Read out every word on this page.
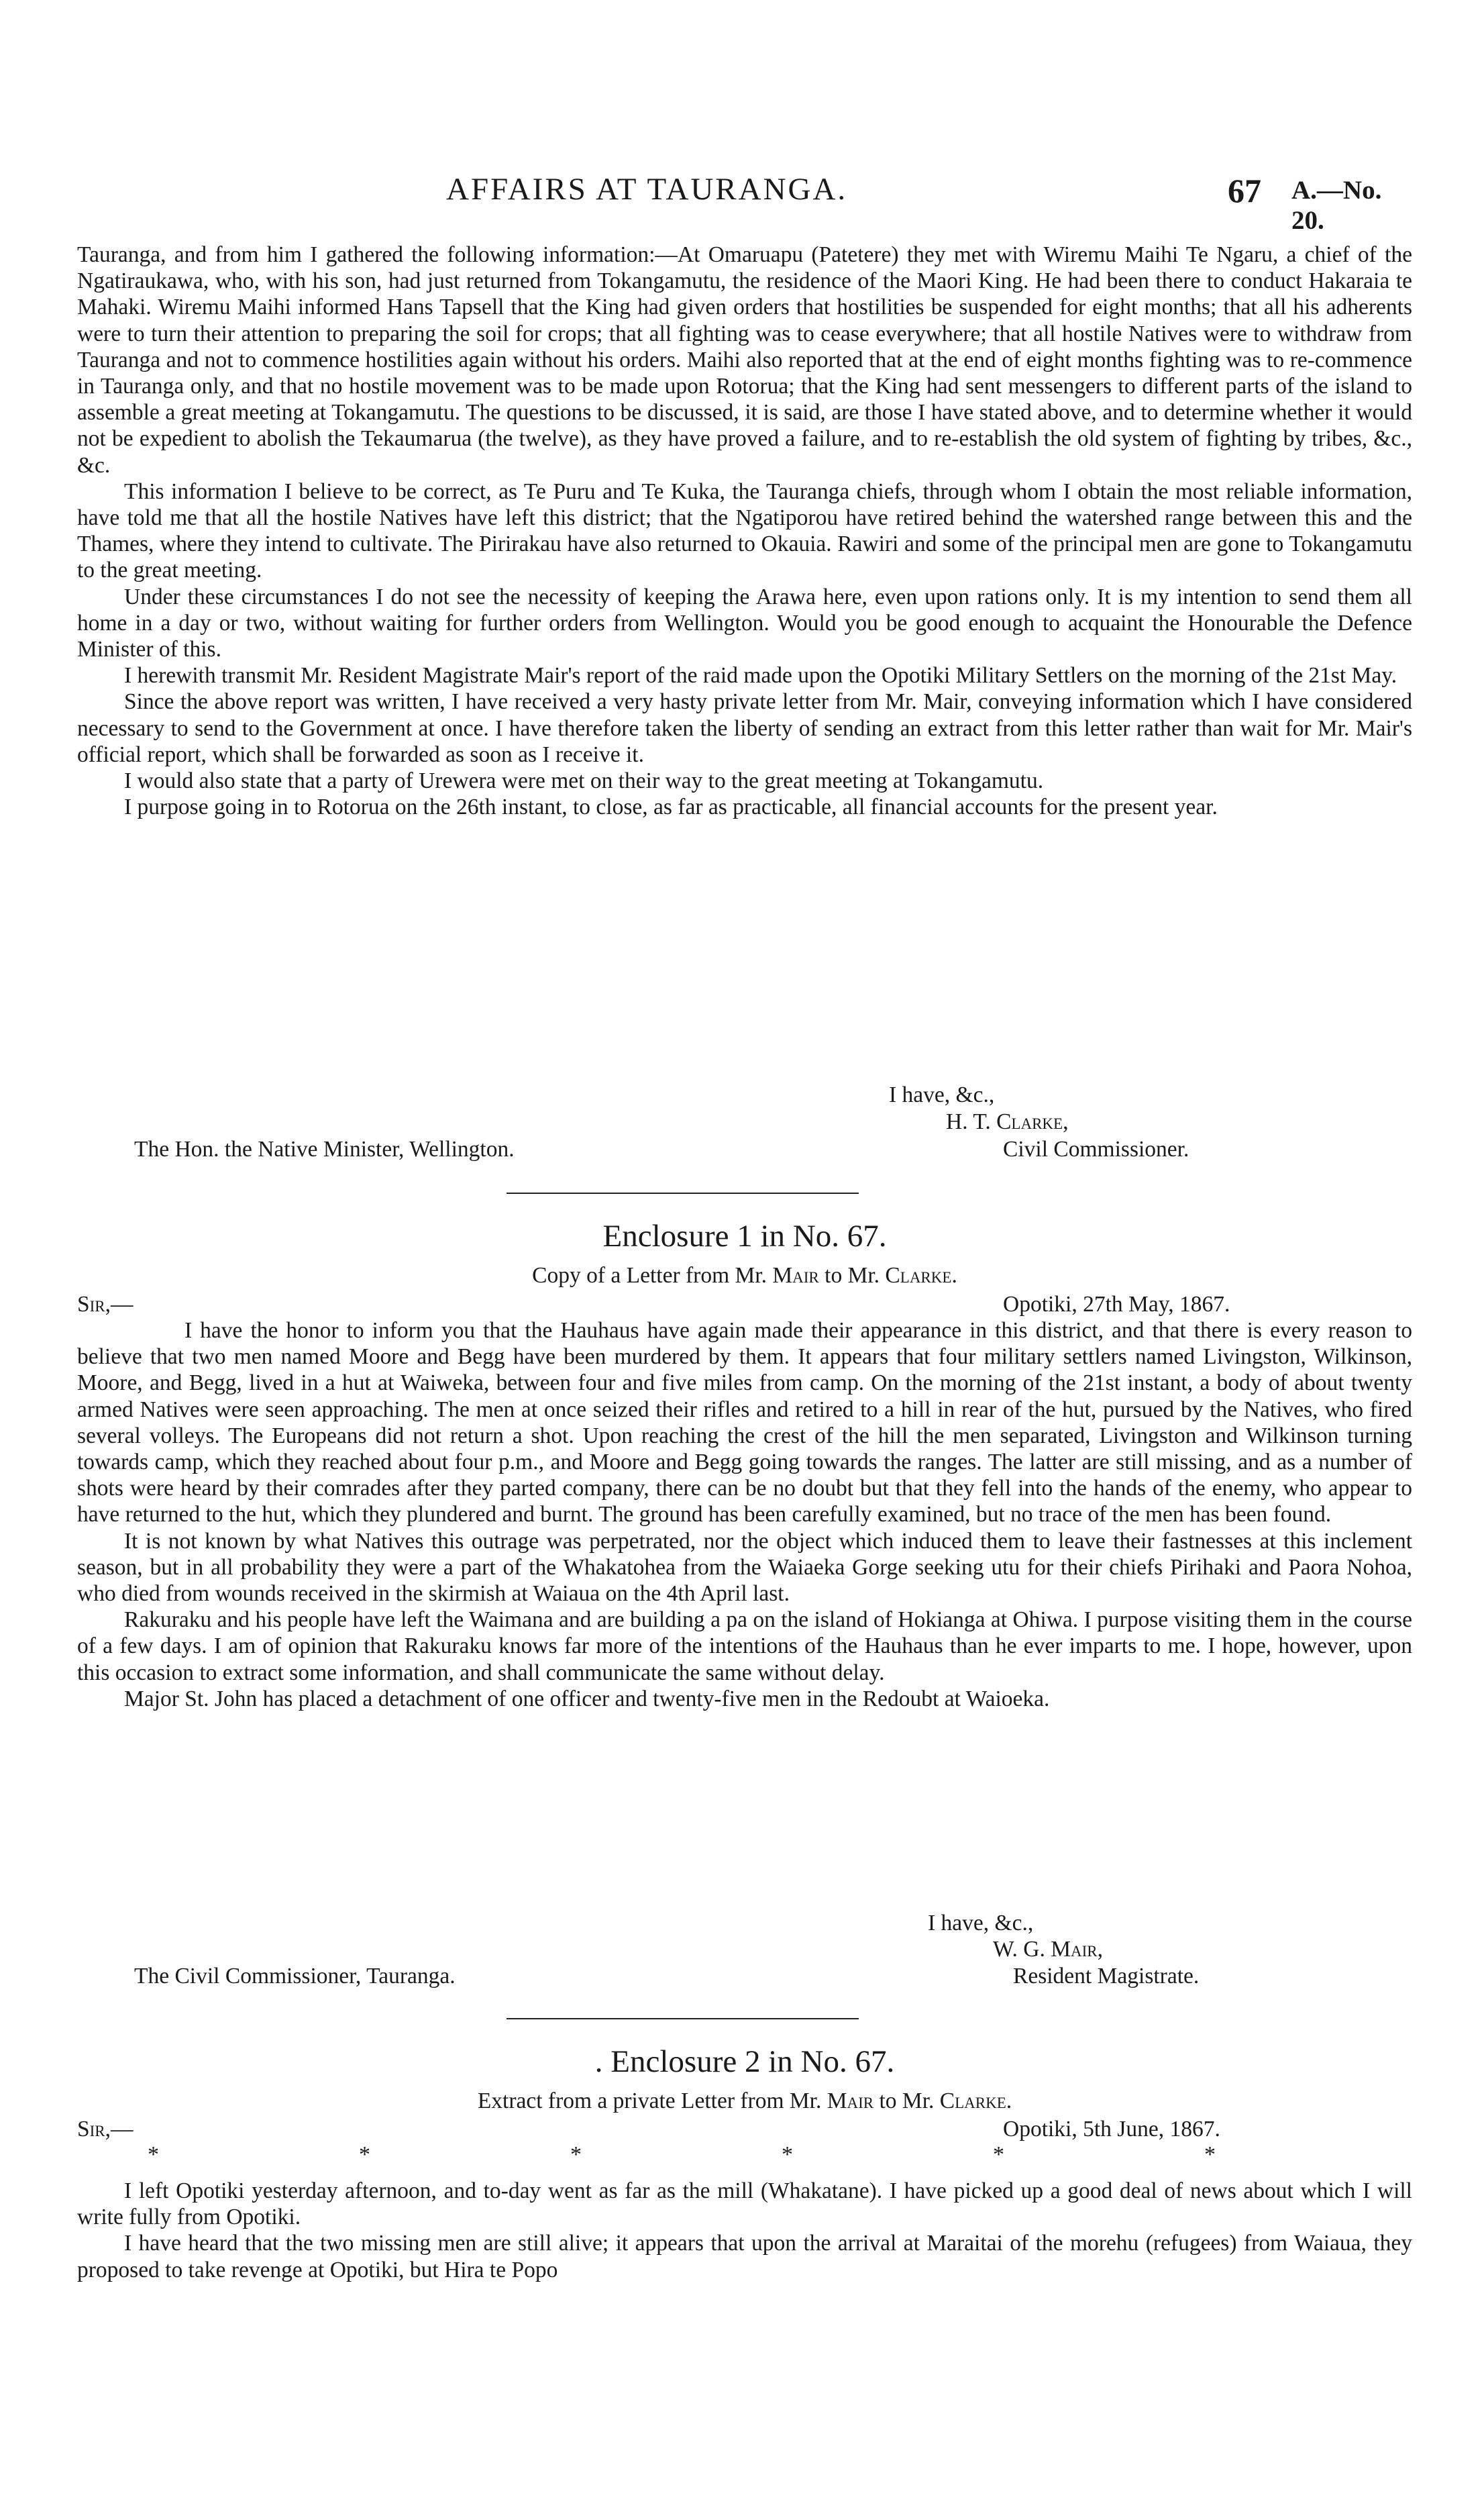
AFFAIRS AT TAURANGA.	67 A.—No. 20.

Tauranga, and from him I gathered the following information:—At Omaruapu (Patetere) they met with Wiremu Maihi Te Ngaru, a chief of the Ngatiraukawa, who, with his son, had just returned from Tokangamutu, the residence of the Maori King. He had been there to conduct Hakaraia te Mahaki. Wiremu Maihi informed Hans Tapsell that the King had given orders that hostilities be suspended for eight months; that all his adherents were to turn their attention to preparing the soil for crops; that all fighting was to cease everywhere; that all hostile Natives were to withdraw from Tauranga and not to commence hostilities again without his orders. Maihi also reported that at the end of eight months fighting was to re-commence in Tauranga only, and that no hostile movement was to be made upon Rotorua; that the King had sent messengers to different parts of the island to assemble a great meeting at Tokangamutu. The questions to be discussed, it is said, are those I have stated above, and to determine whether it would not be expedient to abolish the Tekaumarua (the twelve), as they have proved a failure, and to re-establish the old system of fighting by tribes, &c., &c.

This information I believe to be correct, as Te Puru and Te Kuka, the Tauranga chiefs, through whom I obtain the most reliable information, have told me that all the hostile Natives have left this district; that the Ngatiporou have retired behind the watershed range between this and the Thames, where they intend to cultivate. The Pirirakau have also returned to Okauia. Rawiri and some of the principal men are gone to Tokangamutu to the great meeting.

Under these circumstances I do not see the necessity of keeping the Arawa here, even upon rations only. It is my intention to send them all home in a day or two, without waiting for further orders from Wellington. Would you be good enough to acquaint the Honourable the Defence Minister of this.

I herewith transmit Mr. Resident Magistrate Mair's report of the raid made upon the Opotiki Military Settlers on the morning of the 21st May.

Since the above report was written, I have received a very hasty private letter from Mr. Mair, conveying information which I have considered necessary to send to the Government at once. I have therefore taken the liberty of sending an extract from this letter rather than wait for Mr. Mair's official report, which shall be forwarded as soon as I receive it.

I would also state that a party of Urewera were met on their way to the great meeting at Tokangamutu.

I purpose going in to Rotorua on the 26th instant, to close, as far as practicable, all financial accounts for the present year.

I have, &c.,
H. T. Clarke,
The Hon. the Native Minister, Wellington.	Civil Commissioner.
Enclosure 1 in No. 67.
Copy of a Letter from Mr. Mair to Mr. Clarke.
Sir,—	Opotiki, 27th May, 1867.

I have the honor to inform you that the Hauhaus have again made their appearance in this district, and that there is every reason to believe that two men named Moore and Begg have been murdered by them. It appears that four military settlers named Livingston, Wilkinson, Moore, and Begg, lived in a hut at Waiweka, between four and five miles from camp. On the morning of the 21st instant, a body of about twenty armed Natives were seen approaching. The men at once seized their rifles and retired to a hill in rear of the hut, pursued by the Natives, who fired several volleys. The Europeans did not return a shot. Upon reaching the crest of the hill the men separated, Livingston and Wilkinson turning towards camp, which they reached about four p.m., and Moore and Begg going towards the ranges. The latter are still missing, and as a number of shots were heard by their comrades after they parted company, there can be no doubt but that they fell into the hands of the enemy, who appear to have returned to the hut, which they plundered and burnt. The ground has been carefully examined, but no trace of the men has been found.

It is not known by what Natives this outrage was perpetrated, nor the object which induced them to leave their fastnesses at this inclement season, but in all probability they were a part of the Whakatohea from the Waiaeka Gorge seeking utu for their chiefs Pirihaki and Paora Nohoa, who died from wounds received in the skirmish at Waiaua on the 4th April last.

Rakuraku and his people have left the Waimana and are building a pa on the island of Hokianga at Ohiwa. I purpose visiting them in the course of a few days. I am of opinion that Rakuraku knows far more of the intentions of the Hauhaus than he ever imparts to me. I hope, however, upon this occasion to extract some information, and shall communicate the same without delay.

Major St. John has placed a detachment of one officer and twenty-five men in the Redoubt at Waioeka.

I have, &c.,
W. G. Mair,
The Civil Commissioner, Tauranga.	Resident Magistrate.
. Enclosure 2 in No. 67.
Extract from a private Letter from Mr. Mair to Mr. Clarke.
Sir,—	Opotiki, 5th June, 1867.
*	*	*	*	*	*

I left Opotiki yesterday afternoon, and to-day went as far as the mill (Whakatane). I have picked up a good deal of news about which I will write fully from Opotiki.

I have heard that the two missing men are still alive; it appears that upon the arrival at Maraitai of the morehu (refugees) from Waiaua, they proposed to take revenge at Opotiki, but Hira te Popo
